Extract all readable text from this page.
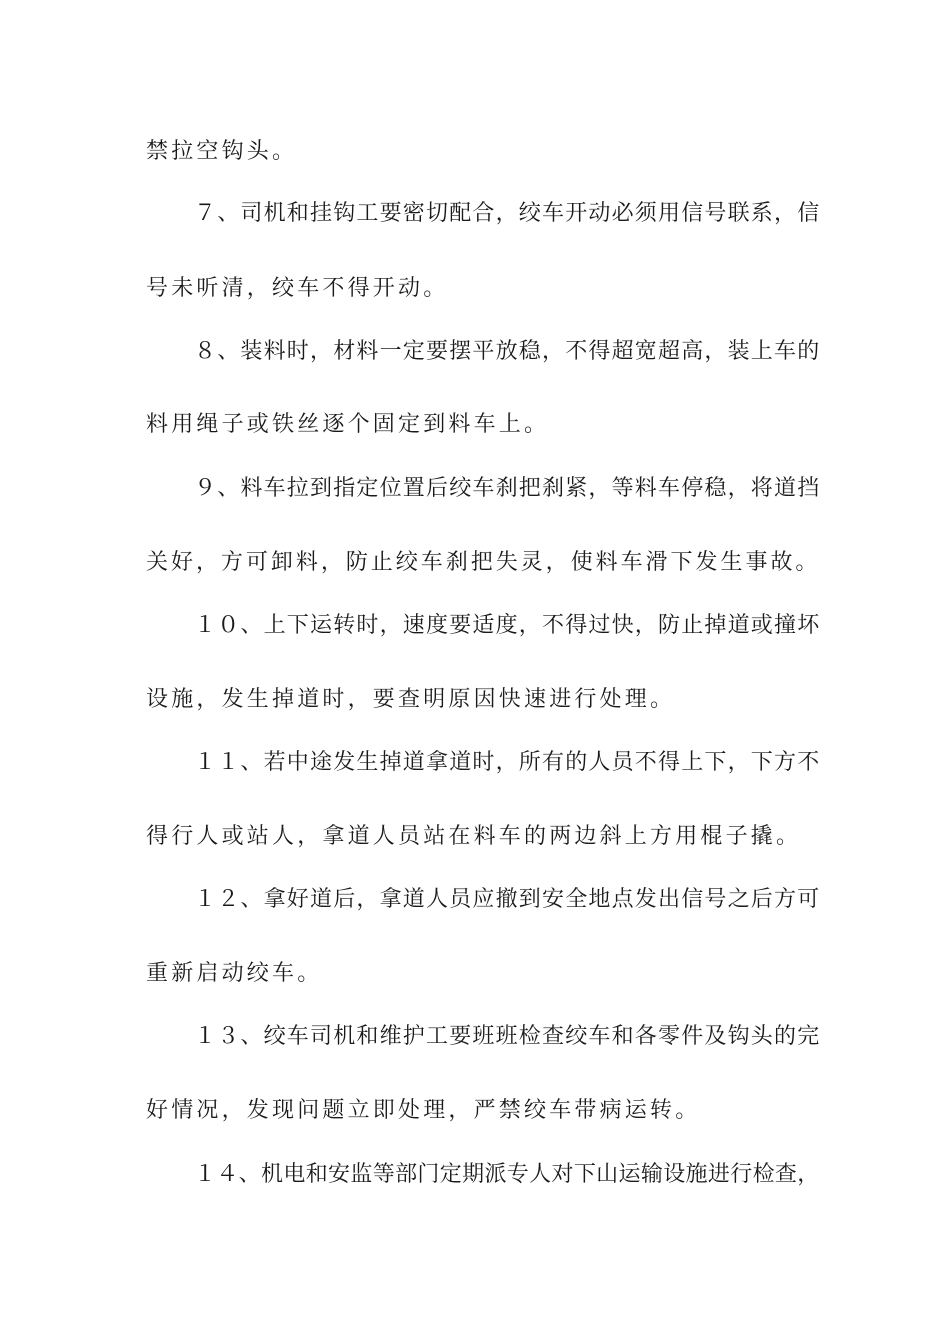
禁拉空钩头。
７、司机和挂钩工要密切配合，绞车开动必须用信号联系，信
号未听清，绞车不得开动。
８、装料时，材料一定要摆平放稳，不得超宽超高，装上车的
料用绳子或铁丝逐个固定到料车上。
９、料车拉到指定位置后绞车刹把刹紧，等料车停稳，将道挡
关好，方可卸料，防止绞车刹把失灵，使料车滑下发生事故。
１０、上下运转时，速度要适度，不得过快，防止掉道或撞坏
设施，发生掉道时，要查明原因快速进行处理。
１１、若中途发生掉道拿道时，所有的人员不得上下，下方不
得行人或站人，拿道人员站在料车的两边斜上方用棍子撬。
１２、拿好道后，拿道人员应撤到安全地点发出信号之后方可
重新启动绞车。
１３、绞车司机和维护工要班班检查绞车和各零件及钩头的完
好情况，发现问题立即处理，严禁绞车带病运转。
１４、机电和安监等部门定期派专人对下山运输设施进行检查，
